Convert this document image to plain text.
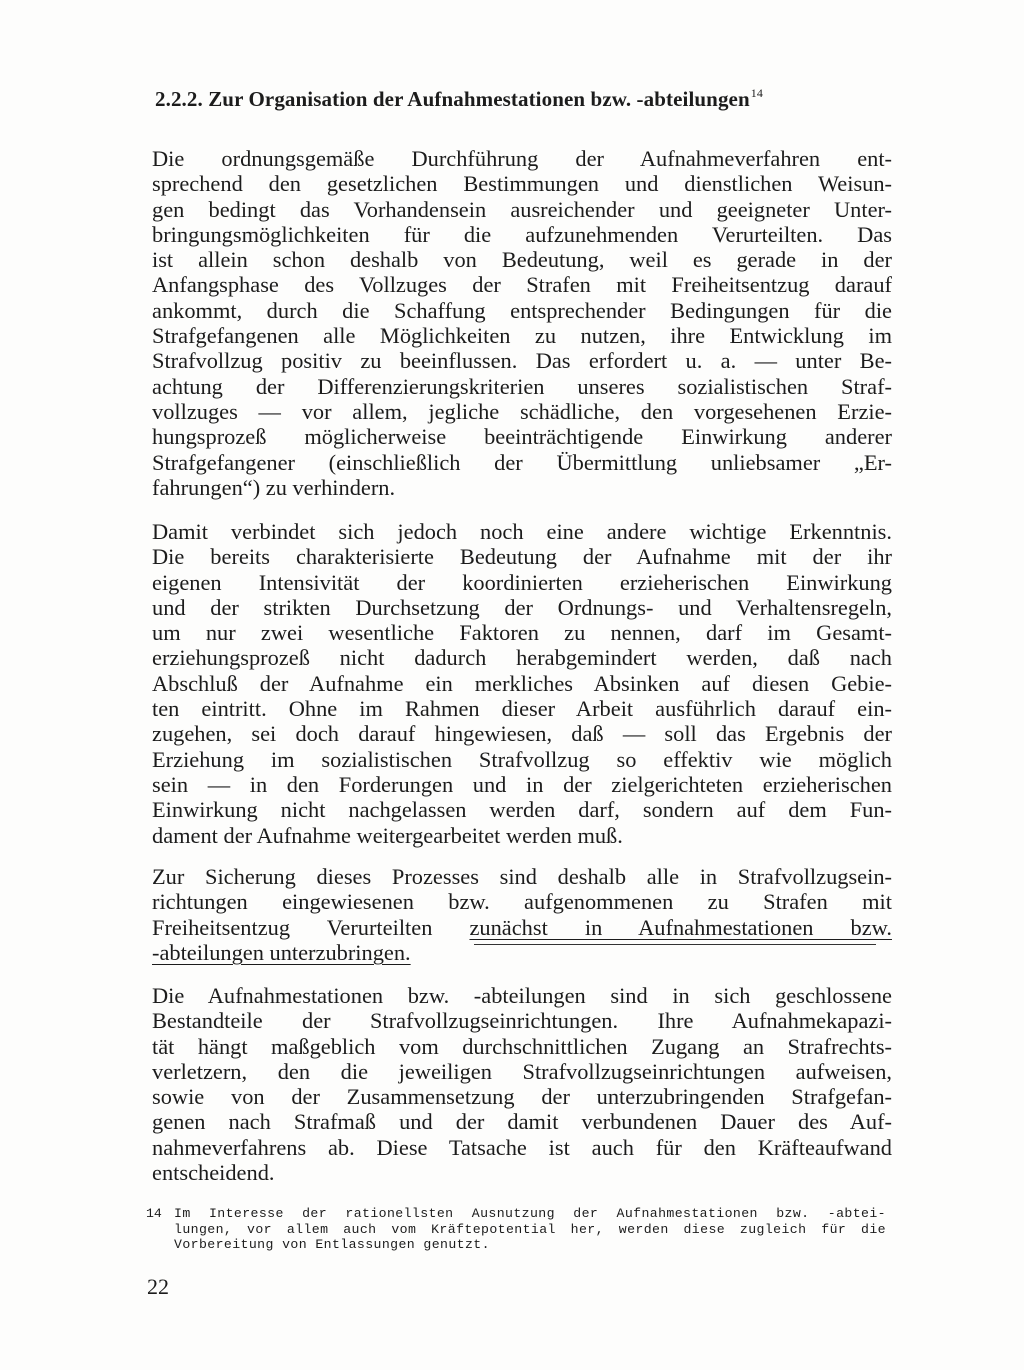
2.2.2. Zur Organisation der Aufnahmestationen bzw. -abteilungen$^{14}$
Die ordnungsgemäße Durchführung der Aufnahmeverfahren ent-
sprechend den gesetzlichen Bestimmungen und dienstlichen Weisun-
gen bedingt das Vorhandensein ausreichender und geeigneter Unter-
bringungsmöglichkeiten für die aufzunehmenden Verurteilten. Das
ist allein schon deshalb von Bedeutung, weil es gerade in der
Anfangsphase des Vollzuges der Strafen mit Freiheitsentzug darauf
ankommt, durch die Schaffung entsprechender Bedingungen für die
Strafgefangenen alle Möglichkeiten zu nutzen, ihre Entwicklung im
Strafvollzug positiv zu beeinflussen. Das erfordert u. a. — unter Be-
achtung der Differenzierungskriterien unseres sozialistischen Straf-
vollzuges — vor allem, jegliche schädliche, den vorgesehenen Erzie-
hungsprozeß möglicherweise beeinträchtigende Einwirkung anderer
Strafgefangener (einschließlich der Übermittlung unliebsamer „Er-
fahrungen“) zu verhindern.
Damit verbindet sich jedoch noch eine andere wichtige Erkenntnis.
Die bereits charakterisierte Bedeutung der Aufnahme mit der ihr
eigenen Intensivität der koordinierten erzieherischen Einwirkung
und der strikten Durchsetzung der Ordnungs- und Verhaltensregeln,
um nur zwei wesentliche Faktoren zu nennen, darf im Gesamt-
erziehungsprozeß nicht dadurch herabgemindert werden, daß nach
Abschluß der Aufnahme ein merkliches Absinken auf diesen Gebie-
ten eintritt. Ohne im Rahmen dieser Arbeit ausführlich darauf ein-
zugehen, sei doch darauf hingewiesen, daß — soll das Ergebnis der
Erziehung im sozialistischen Strafvollzug so effektiv wie möglich
sein — in den Forderungen und in der zielgerichteten erzieherischen
Einwirkung nicht nachgelassen werden darf, sondern auf dem Fun-
dament der Aufnahme weitergearbeitet werden muß.
Zur Sicherung dieses Prozesses sind deshalb alle in Strafvollzugsein-
richtungen eingewiesenen bzw. aufgenommenen zu Strafen mit
Freiheitsentzug Verurteilten zunächst in Aufnahmestationen bzw.
-abteilungen unterzubringen.
Die Aufnahmestationen bzw. -abteilungen sind in sich geschlossene
Bestandteile der Strafvollzugseinrichtungen. Ihre Aufnahmekapazi-
tät hängt maßgeblich vom durchschnittlichen Zugang an Strafrechts-
verletzern, den die jeweiligen Strafvollzugseinrichtungen aufweisen,
sowie von der Zusammensetzung der unterzubringenden Strafgefan-
genen nach Strafmaß und der damit verbundenen Dauer des Auf-
nahmeverfahrens ab. Diese Tatsache ist auch für den Kräfteaufwand
entscheidend.
14 Im Interesse der rationellsten Ausnutzung der Aufnahmestationen bzw. -abtei-
lungen, vor allem auch vom Kräftepotential her, werden diese zugleich für die
Vorbereitung von Entlassungen genutzt.
22
